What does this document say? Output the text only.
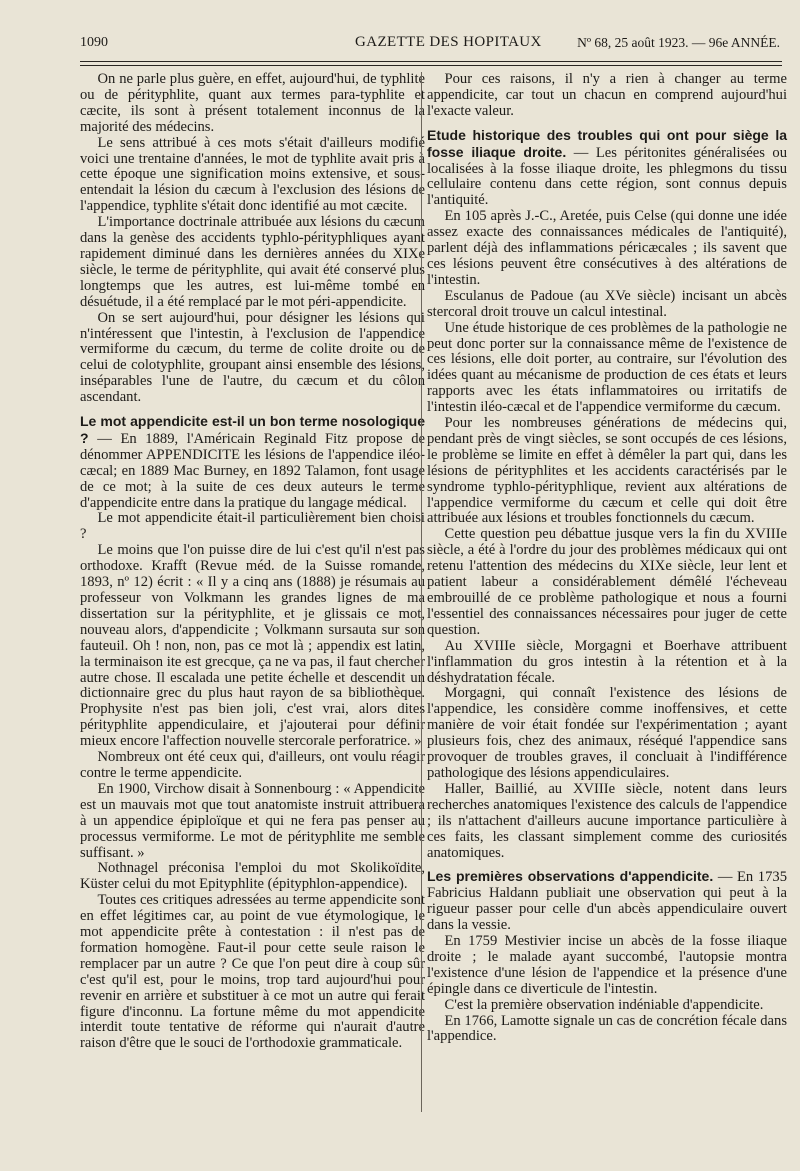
1090	GAZETTE DES HOPITAUX	Nº 68, 25 août 1923. — 96e ANNÉE.

On ne parle plus guère, en effet, aujourd'hui, de typhlite ou de pérityphlite, quant aux termes para-typhlite et cæcite, ils sont à présent totalement inconnus de la majorité des médecins.

Le sens attribué à ces mots s'était d'ailleurs modifié voici une trentaine d'années, le mot de typhlite avait pris à cette époque une signification moins extensive, et sous-entendait la lésion du cæcum à l'exclusion des lésions de l'appendice, typhlite s'était donc identifié au mot cæcite.

L'importance doctrinale attribuée aux lésions du cæcum dans la genèse des accidents typhlo-pérityphliques ayant rapidement diminué dans les dernières années du XIXe siècle, le terme de pérityphlite, qui avait été conservé plus longtemps que les autres, est lui-même tombé en désuétude, il a été remplacé par le mot péri-appendicite.

On se sert aujourd'hui, pour désigner les lésions qui n'intéressent que l'intestin, à l'exclusion de l'appendice vermiforme du cæcum, du terme de colite droite ou de celui de colotyphlite, groupant ainsi ensemble des lésions, inséparables l'une de l'autre, du cæcum et du côlon ascendant.

Le mot appendicite est-il un bon terme nosologique ? — En 1889, l'Américain Reginald Fitz propose de dénommer APPENDICITE les lésions de l'appendice iléo-cæcal; en 1889 Mac Burney, en 1892 Talamon, font usage de ce mot; à la suite de ces deux auteurs le terme d'appendicite entre dans la pratique du langage médical.

Le mot appendicite était-il particulièrement bien choisi ?

Le moins que l'on puisse dire de lui c'est qu'il n'est pas orthodoxe. Krafft (Revue méd. de la Suisse romande, 1893, nº 12) écrit : « Il y a cinq ans (1888) je résumais au professeur von Volkmann les grandes lignes de ma dissertation sur la pérityphlite, et je glissais ce mot, nouveau alors, d'appendicite ; Volkmann sursauta sur son fauteuil. Oh ! non, non, pas ce mot là ; appendix est latin, la terminaison ite est grecque, ça ne va pas, il faut chercher autre chose. Il escalada une petite échelle et descendit un dictionnaire grec du plus haut rayon de sa bibliothèque. Prophysite n'est pas bien joli, c'est vrai, alors dites pérityphlite appendiculaire, et j'ajouterai pour définir mieux encore l'affection nouvelle stercorale perforatrice. »

Nombreux ont été ceux qui, d'ailleurs, ont voulu réagir contre le terme appendicite.

En 1900, Virchow disait à Sonnenbourg : « Appendicite est un mauvais mot que tout anatomiste instruit attribuera à un appendice épiploïque et qui ne fera pas penser au processus vermiforme. Le mot de pérityphlite me semble suffisant. »

Nothnagel préconisa l'emploi du mot Skolikoïdite, Küster celui du mot Epityphlite (épityphlon-appendice).

Toutes ces critiques adressées au terme appendicite sont en effet légitimes car, au point de vue étymologique, le mot appendicite prête à contestation : il n'est pas de formation homogène. Faut-il pour cette seule raison le remplacer par un autre ? Ce que l'on peut dire à coup sûr c'est qu'il est, pour le moins, trop tard aujourd'hui pour revenir en arrière et substituer à ce mot un autre qui ferait figure d'inconnu. La fortune même du mot appendicite interdit toute tentative de réforme qui n'aurait d'autre raison d'être que le souci de l'orthodoxie grammaticale.

Pour ces raisons, il n'y a rien à changer au terme appendicite, car tout un chacun en comprend aujourd'hui l'exacte valeur.

Etude historique des troubles qui ont pour siège la fosse iliaque droite. — Les péritonites généralisées ou localisées à la fosse iliaque droite, les phlegmons du tissu cellulaire contenu dans cette région, sont connus depuis l'antiquité.

En 105 après J.-C., Aretée, puis Celse (qui donne une idée assez exacte des connaissances médicales de l'antiquité), parlent déjà des inflammations péricæcales ; ils savent que ces lésions peuvent être consécutives à des altérations de l'intestin.

Esculanus de Padoue (au XVe siècle) incisant un abcès stercoral droit trouve un calcul intestinal.

Une étude historique de ces problèmes de la pathologie ne peut donc porter sur la connaissance même de l'existence de ces lésions, elle doit porter, au contraire, sur l'évolution des idées quant au mécanisme de production de ces états et leurs rapports avec les états inflammatoires ou irritatifs de l'intestin iléo-cæcal et de l'appendice vermiforme du cæcum.

Pour les nombreuses générations de médecins qui, pendant près de vingt siècles, se sont occupés de ces lésions, le problème se limite en effet à démêler la part qui, dans les lésions de pérityphlites et les accidents caractérisés par le syndrome typhlo-pérityphlique, revient aux altérations de l'appendice vermiforme du cæcum et celle qui doit être attribuée aux lésions et troubles fonctionnels du cæcum.

Cette question peu débattue jusque vers la fin du XVIIIe siècle, a été à l'ordre du jour des problèmes médicaux qui ont retenu l'attention des médecins du XIXe siècle, leur lent et patient labeur a considérablement démêlé l'écheveau embrouillé de ce problème pathologique et nous a fourni l'essentiel des connaissances nécessaires pour juger de cette question.

Au XVIIIe siècle, Morgagni et Boerhave attribuent l'inflammation du gros intestin à la rétention et à la déshydratation fécale.

Morgagni, qui connaît l'existence des lésions de l'appendice, les considère comme inoffensives, et cette manière de voir était fondée sur l'expérimentation ; ayant plusieurs fois, chez des animaux, réséqué l'appendice sans provoquer de troubles graves, il concluait à l'indifférence pathologique des lésions appendiculaires.

Haller, Baillié, au XVIIIe siècle, notent dans leurs recherches anatomiques l'existence des calculs de l'appendice ; ils n'attachent d'ailleurs aucune importance particulière à ces faits, les classant simplement comme des curiosités anatomiques.

Les premières observations d'appendicite. — En 1735 Fabricius Haldann publiait une observation qui peut à la rigueur passer pour celle d'un abcès appendiculaire ouvert dans la vessie.

En 1759 Mestivier incise un abcès de la fosse iliaque droite ; le malade ayant succombé, l'autopsie montra l'existence d'une lésion de l'appendice et la présence d'une épingle dans ce diverticule de l'intestin.

C'est la première observation indéniable d'appendicite.

En 1766, Lamotte signale un cas de concrétion fécale dans l'appendice.
